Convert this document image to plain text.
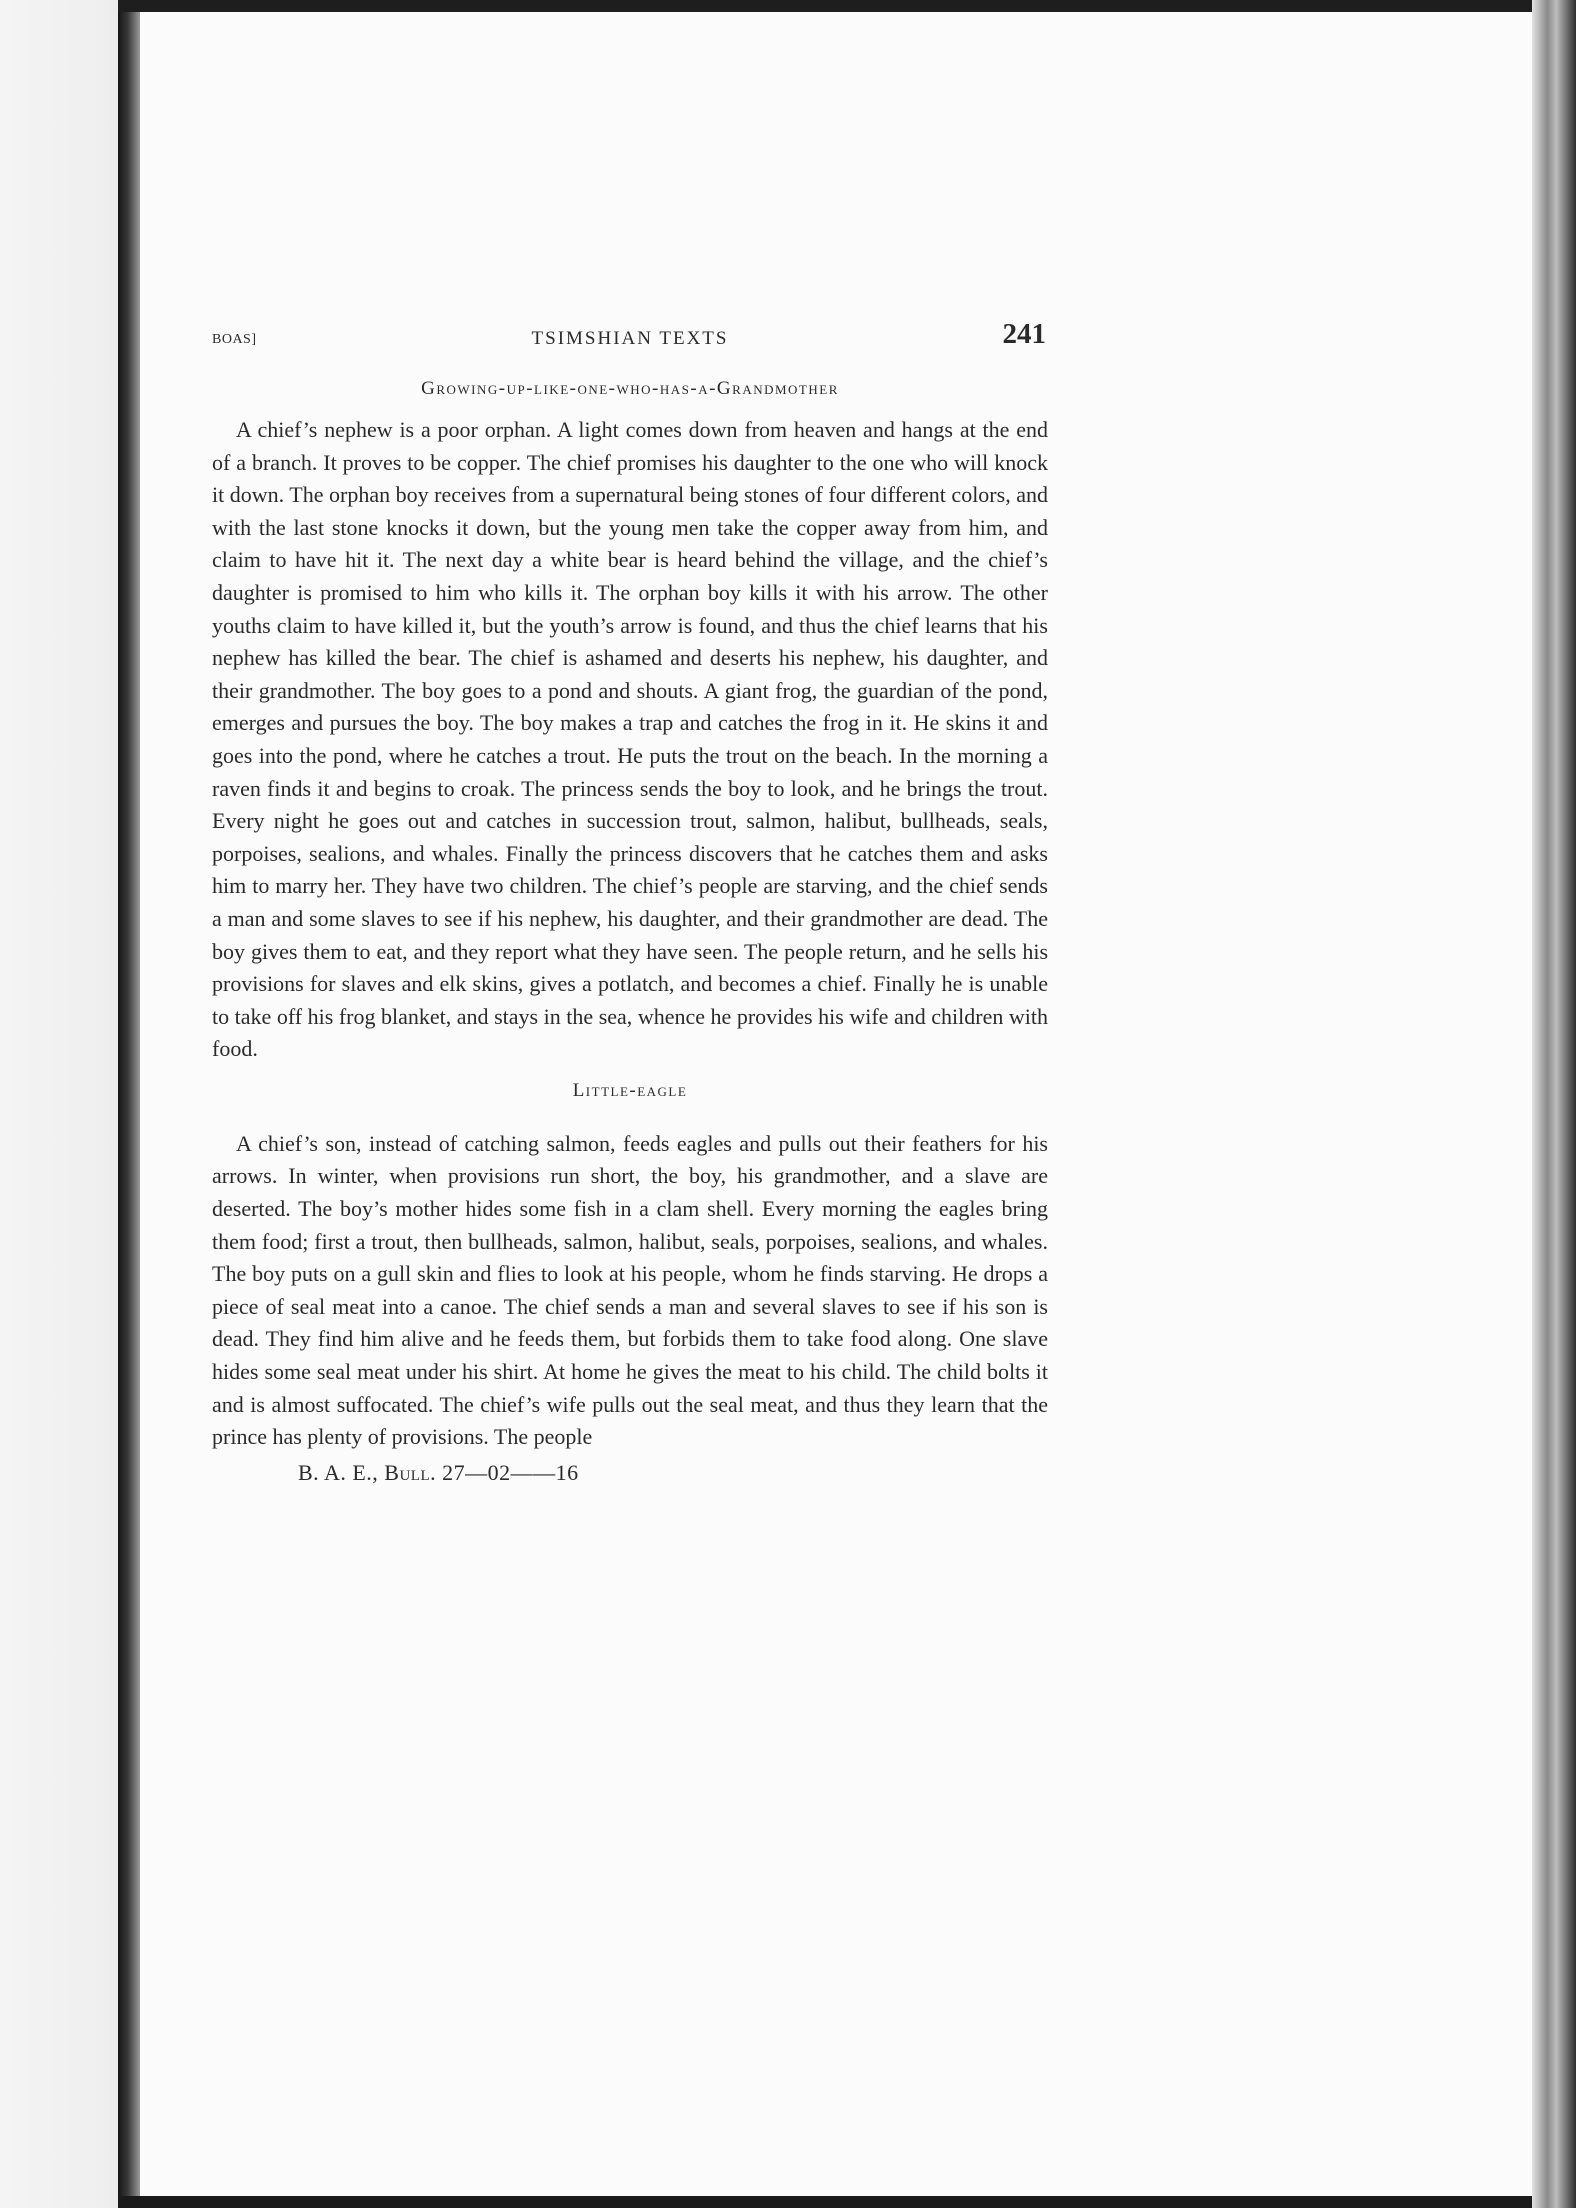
BOAS]	TSIMSHIAN TEXTS	241
Growing-up-like-one-who-has-a-Grandmother

A chief’s nephew is a poor orphan. A light comes down from heaven and hangs at the end of a branch. It proves to be copper. The chief promises his daughter to the one who will knock it down. The orphan boy receives from a supernatural being stones of four different colors, and with the last stone knocks it down, but the young men take the copper away from him, and claim to have hit it. The next day a white bear is heard behind the village, and the chief’s daughter is promised to him who kills it. The orphan boy kills it with his arrow. The other youths claim to have killed it, but the youth’s arrow is found, and thus the chief learns that his nephew has killed the bear. The chief is ashamed and deserts his nephew, his daughter, and their grandmother. The boy goes to a pond and shouts. A giant frog, the guardian of the pond, emerges and pursues the boy. The boy makes a trap and catches the frog in it. He skins it and goes into the pond, where he catches a trout. He puts the trout on the beach. In the morning a raven finds it and begins to croak. The princess sends the boy to look, and he brings the trout. Every night he goes out and catches in succession trout, salmon, halibut, bullheads, seals, porpoises, sealions, and whales. Finally the princess discovers that he catches them and asks him to marry her. They have two children. The chief’s people are starving, and the chief sends a man and some slaves to see if his nephew, his daughter, and their grandmother are dead. The boy gives them to eat, and they report what they have seen. The people return, and he sells his provisions for slaves and elk skins, gives a potlatch, and becomes a chief. Finally he is unable to take off his frog blanket, and stays in the sea, whence he provides his wife and children with food.

Little-eagle

A chief’s son, instead of catching salmon, feeds eagles and pulls out their feathers for his arrows. In winter, when provisions run short, the boy, his grandmother, and a slave are deserted. The boy’s mother hides some fish in a clam shell. Every morning the eagles bring them food; first a trout, then bullheads, salmon, halibut, seals, porpoises, sealions, and whales. The boy puts on a gull skin and flies to look at his people, whom he finds starving. He drops a piece of seal meat into a canoe. The chief sends a man and several slaves to see if his son is dead. They find him alive and he feeds them, but forbids them to take food along. One slave hides some seal meat under his shirt. At home he gives the meat to his child. The child bolts it and is almost suffocated. The chief’s wife pulls out the seal meat, and thus they learn that the prince has plenty of provisions. The people

B. A. E., Bull. 27—02——16
